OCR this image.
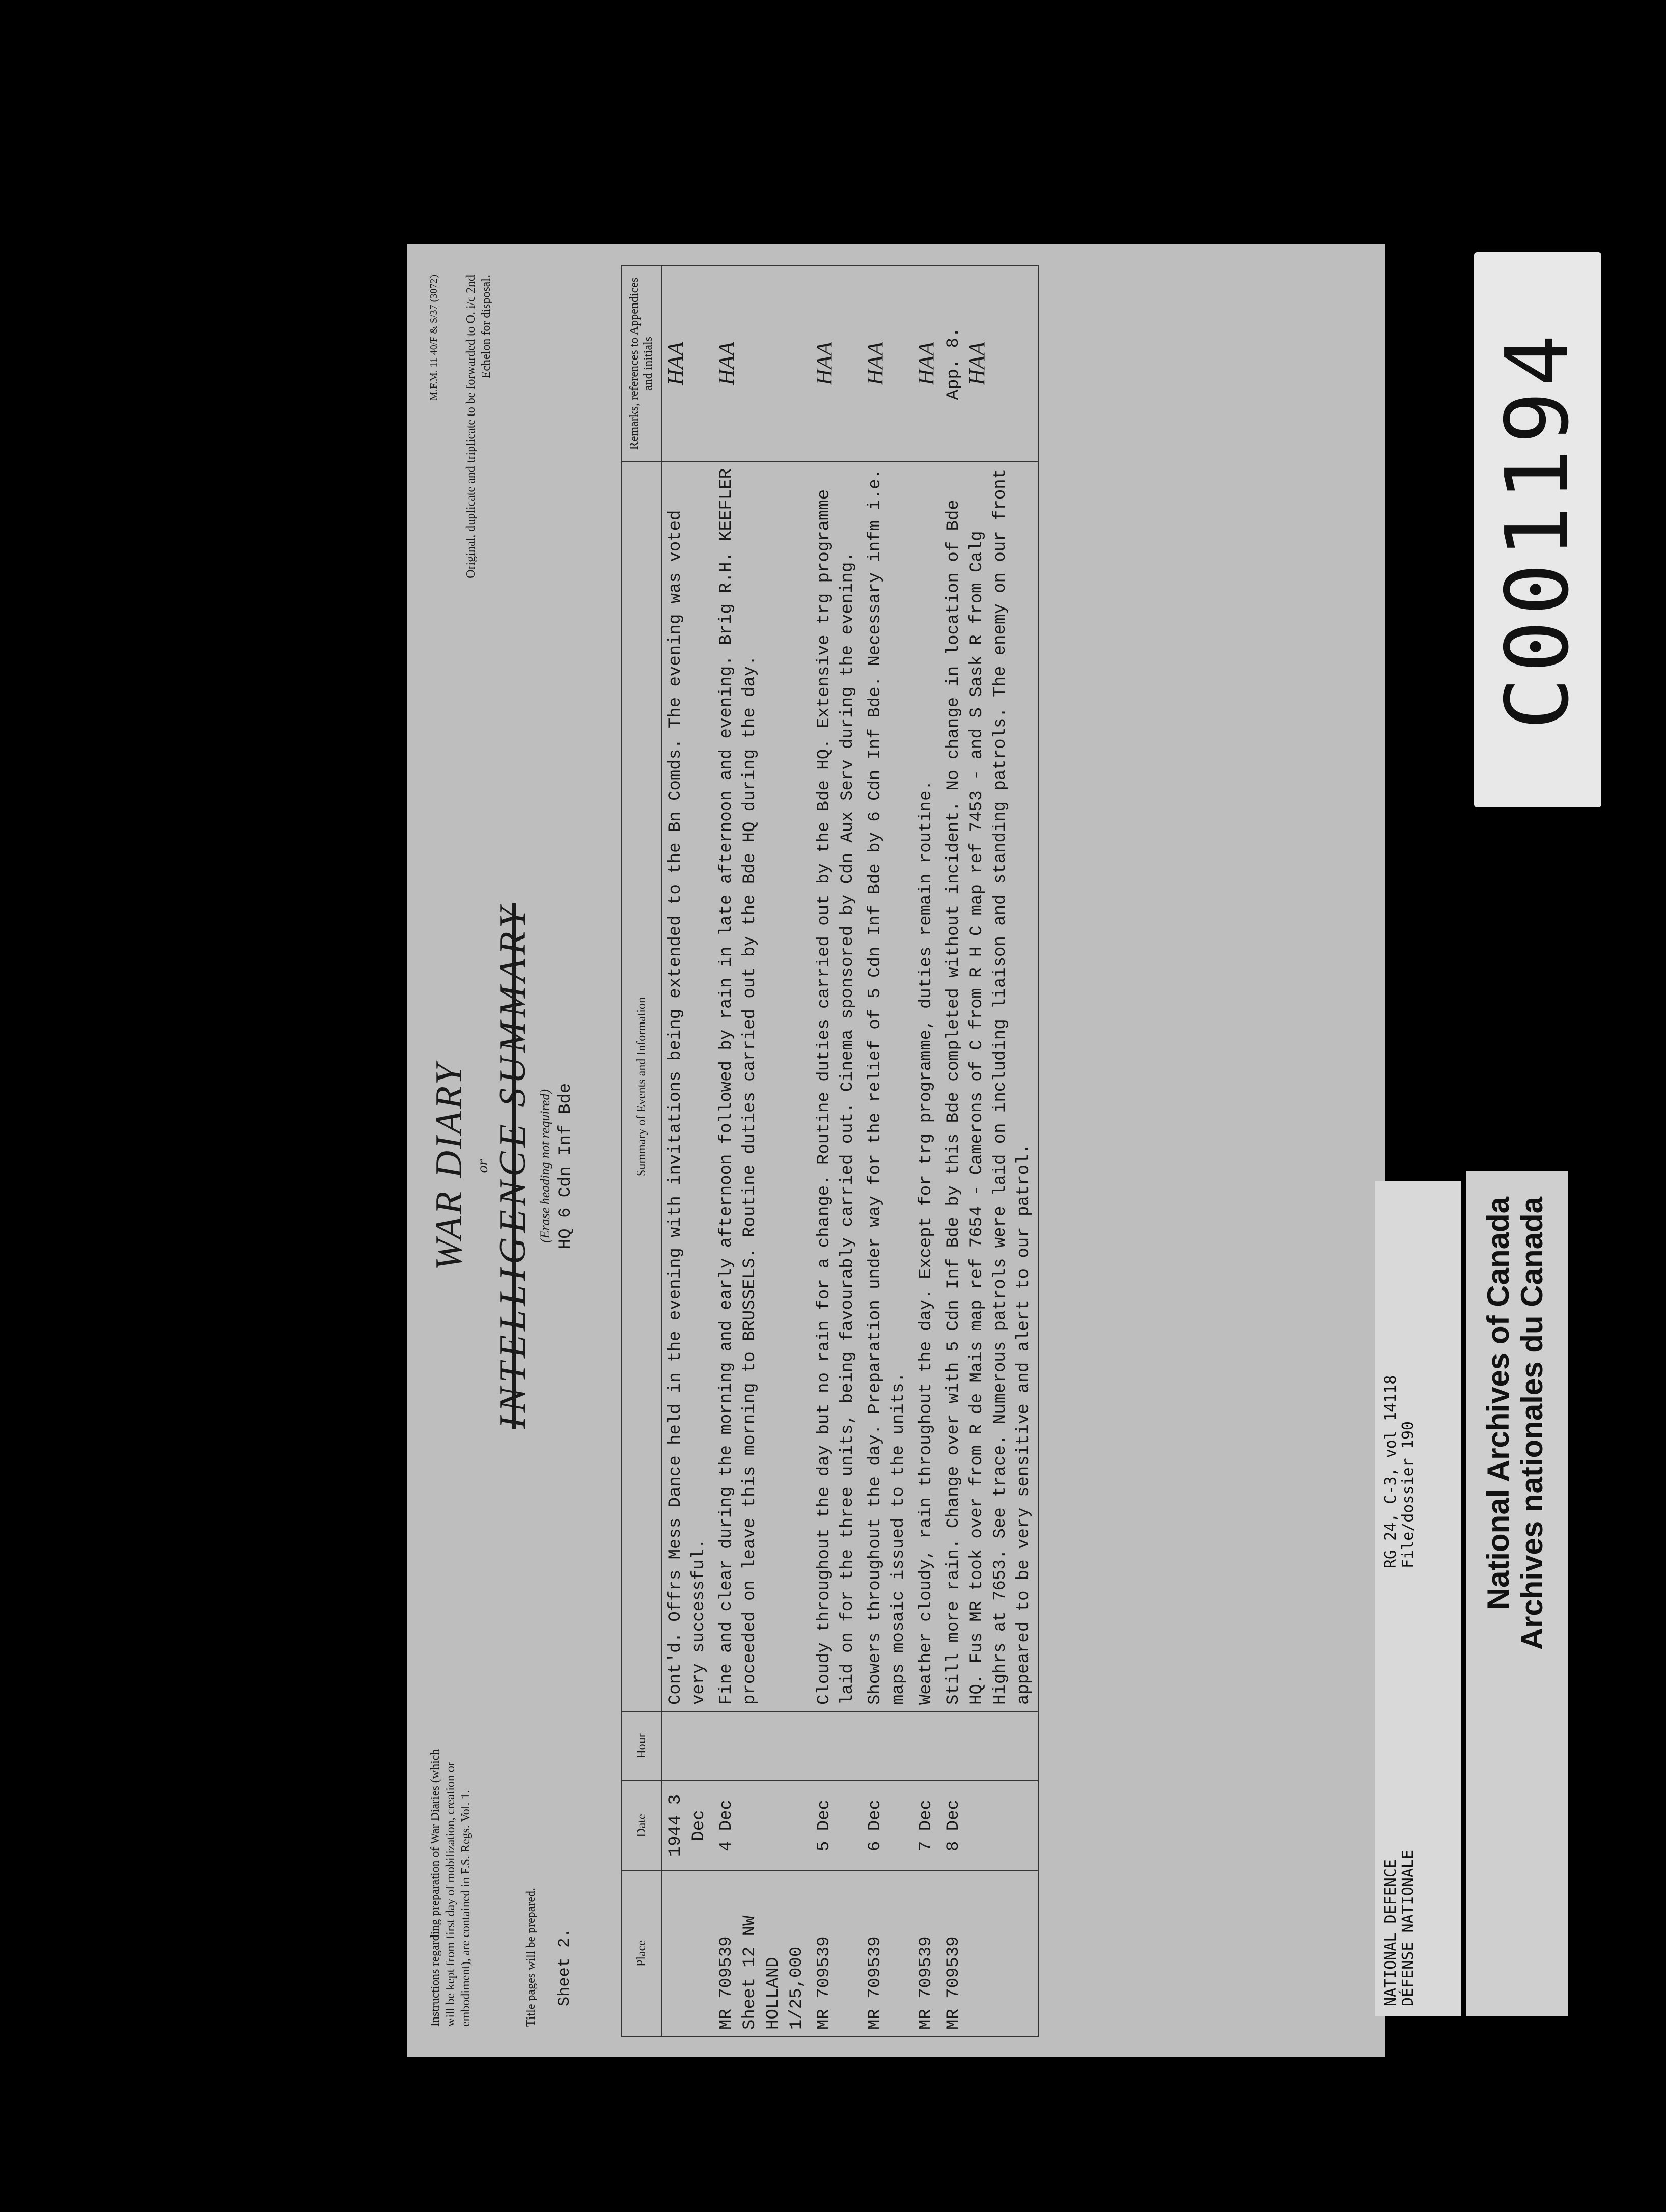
Instructions regarding preparation of War Diaries (which will be kept from first day of mobilization, creation or embodiment), are contained in F.S. Regs. Vol. 1.	Title pages will be prepared. Sheet 2.
M.F.M. 11 40/F & S/37 (3072) Original, duplicate and triplicate to be forwarded to O. i/c 2nd Echelon for disposal.
WAR DIARY or INTELLIGENCE SUMMARY (Erase heading not required) HQ 6 Cdn Inf Bde
Place	Date	Hour	Summary of Events and Information	Remarks, references to Appendices and initials
	1944 3 Dec		Cont'd. Offrs Mess Dance held in the evening with invitations being extended to the Bn Comds. The evening was voted very successful.	HAA

MR 709539 Sheet 12 NW HOLLAND 1/25,000	4 Dec		Fine and clear during the morning and early afternoon followed by rain in late afternoon and evening. Brig R.H. KEEFLER proceeded on leave this morning to BRUSSELS. Routine duties carried out by the Bde HQ during the day.	HAA

MR 709539	5 Dec		Cloudy throughout the day but no rain for a change. Routine duties carried out by the Bde HQ. Extensive trg programme laid on for the three units, being favourably carried out. Cinema sponsored by Cdn Aux Serv during the evening.	HAA

MR 709539	6 Dec		Showers throughout the day. Preparation under way for the relief of 5 Cdn Inf Bde by 6 Cdn Inf Bde. Necessary infm i.e. maps mosaic issued to the units.	HAA

MR 709539	7 Dec		Weather cloudy, rain throughout the day. Except for trg programme, duties remain routine.	HAA

MR 709539	8 Dec		Still more rain. Change over with 5 Cdn Inf Bde by this Bde completed without incident. No change in location of Bde HQ. Fus MR took over from R de Mais map ref 7654 - Camerons of C from R H C map ref 7453 - and S Sask R from Calg Highrs at 7653. See trace. Numerous patrols were laid on including liaison and standing patrols. The enemy on our front appeared to be very sensitive and alert to our patrol.	App. 8. HAA	C001194
NATIONAL DEFENCE
RG 24, C-3, vol 14118
DÉFENSE NATIONALE
File/dossier 190 National Archives of Canada Archives nationales du Canada
